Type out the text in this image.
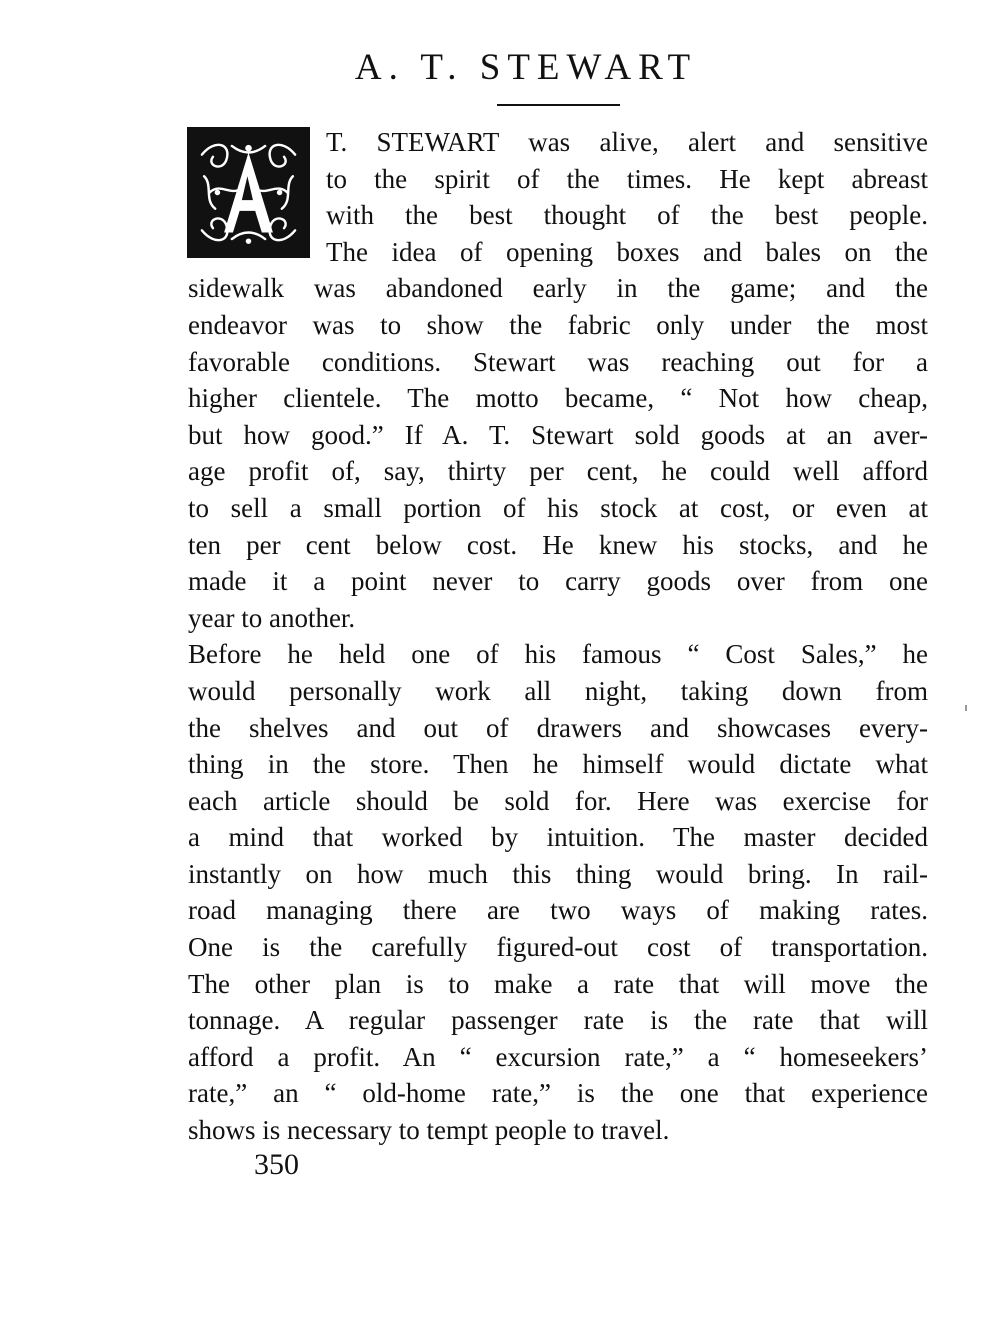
A. T. STEWART
T. STEWART was alive, alert and sensitive
to the spirit of the times. He kept abreast
with the best thought of the best people.
The idea of opening boxes and bales on the
sidewalk was abandoned early in the game; and the
endeavor was to show the fabric only under the most
favorable conditions. Stewart was reaching out for a
higher clientele. The motto became, “ Not how cheap,
but how good.” If A. T. Stewart sold goods at an aver-
age profit of, say, thirty per cent, he could well afford
to sell a small portion of his stock at cost, or even at
ten per cent below cost. He knew his stocks, and he
made it a point never to carry goods over from one
year to another.
Before he held one of his famous “ Cost Sales,” he
would personally work all night, taking down from
the shelves and out of drawers and showcases every-
thing in the store. Then he himself would dictate what
each article should be sold for. Here was exercise for
a mind that worked by intuition. The master decided
instantly on how much this thing would bring. In rail-
road managing there are two ways of making rates.
One is the carefully figured-out cost of transportation.
The other plan is to make a rate that will move the
tonnage. A regular passenger rate is the rate that will
afford a profit. An “ excursion rate,” a “ homeseekers’
rate,” an “ old-home rate,” is the one that experience
shows is necessary to tempt people to travel.
350
